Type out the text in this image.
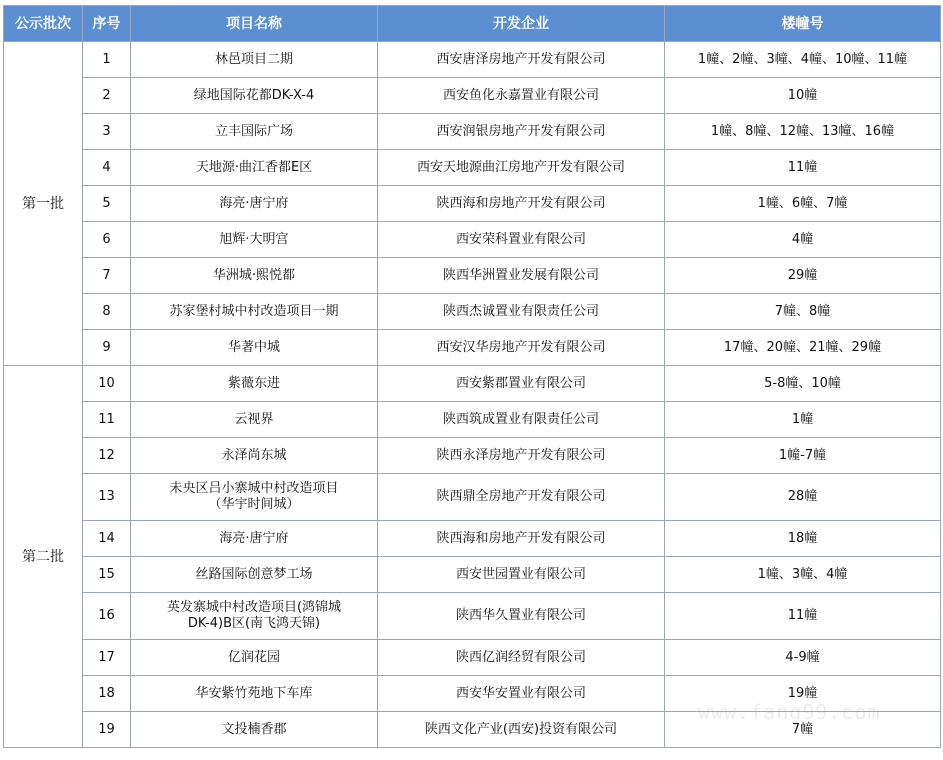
公示批次	序号	项目名称	开发企业	楼幢号
第一批	1	林邑项目二期	西安唐泽房地产开发有限公司	1幢、2幢、3幢、4幢、10幢、11幢
	2	绿地国际花都DK-X-4	西安鱼化永嘉置业有限公司	10幢
	3	立丰国际广场	西安润银房地产开发有限公司	1幢、8幢、12幢、13幢、16幢
	4	天地源·曲江香都E区	西安天地源曲江房地产开发有限公司	11幢
	5	海亮·唐宁府	陕西海和房地产开发有限公司	1幢、6幢、7幢
	6	旭辉·大明宫	西安荣科置业有限公司	4幢
	7	华洲城·熙悦都	陕西华洲置业发展有限公司	29幢
	8	苏家堡村城中村改造项目一期	陕西杰诚置业有限责任公司	7幢、8幢
	9	华著中城	西安汉华房地产开发有限公司	17幢、20幢、21幢、29幢
第二批	10	紫薇东进	西安紫郡置业有限公司	5-8幢、10幢
	11	云视界	陕西筑成置业有限责任公司	1幢
	12	永泽尚东城	陕西永泽房地产开发有限公司	1幢-7幢
	13	未央区吕小寨城中村改造项目
（华宇时间城）	陕西鼎全房地产开发有限公司	28幢
	14	海亮·唐宁府	陕西海和房地产开发有限公司	18幢
	15	丝路国际创意梦工场	西安世园置业有限公司	1幢、3幢、4幢
	16	英发寨城中村改造项目(鸿锦城
DK-4)B区(南飞鸿天锦)	陕西华久置业有限公司	11幢
	17	亿润花园	陕西亿润经贸有限公司	4-9幢
	18	华安紫竹苑地下车库	西安华安置业有限公司	19幢
	19	文投楠香郡	陕西文化产业(西安)投资有限公司	7幢
www.fang99.com
